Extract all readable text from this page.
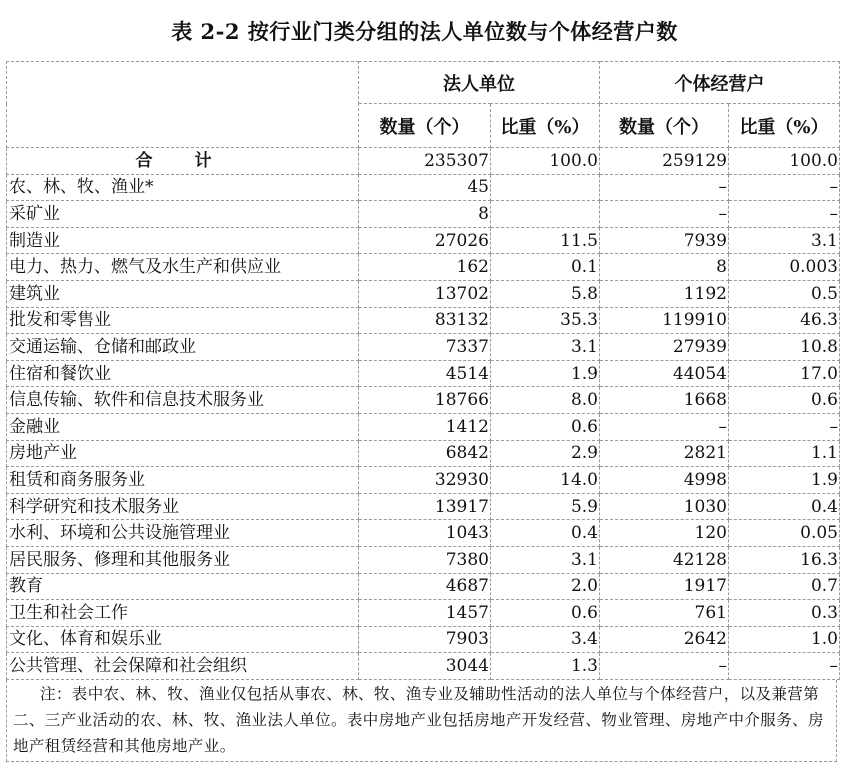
表 2-2 按行业门类分组的法人单位数与个体经营户数
	法人单位		个体经营户	
	数量（个）	比重（%）	数量（个）	比重（%）
合 计	235307	100.0	259129	100.0
农、林、牧、渔业*	45		–	–
采矿业	8		–	–
制造业	27026	11.5	7939	3.1
电力、热力、燃气及水生产和供应业	162	0.1	8	0.003
建筑业	13702	5.8	1192	0.5
批发和零售业	83132	35.3	119910	46.3
交通运输、仓储和邮政业	7337	3.1	27939	10.8
住宿和餐饮业	4514	1.9	44054	17.0
信息传输、软件和信息技术服务业	18766	8.0	1668	0.6
金融业	1412	0.6	–	–
房地产业	6842	2.9	2821	1.1
租赁和商务服务业	32930	14.0	4998	1.9
科学研究和技术服务业	13917	5.9	1030	0.4
水利、环境和公共设施管理业	1043	0.4	120	0.05
居民服务、修理和其他服务业	7380	3.1	42128	16.3
教育	4687	2.0	1917	0.7
卫生和社会工作	1457	0.6	761	0.3
文化、体育和娱乐业	7903	3.4	2642	1.0
公共管理、社会保障和社会组织	3044	1.3	–	–
注：表中农、林、牧、渔业仅包括从事农、林、牧、渔专业及辅助性活动的法人单位与个体经营户，以及兼营第二、三产业活动的农、林、牧、渔业法人单位。表中房地产业包括房地产开发经营、物业管理、房地产中介服务、房地产租赁经营和其他房地产业。
